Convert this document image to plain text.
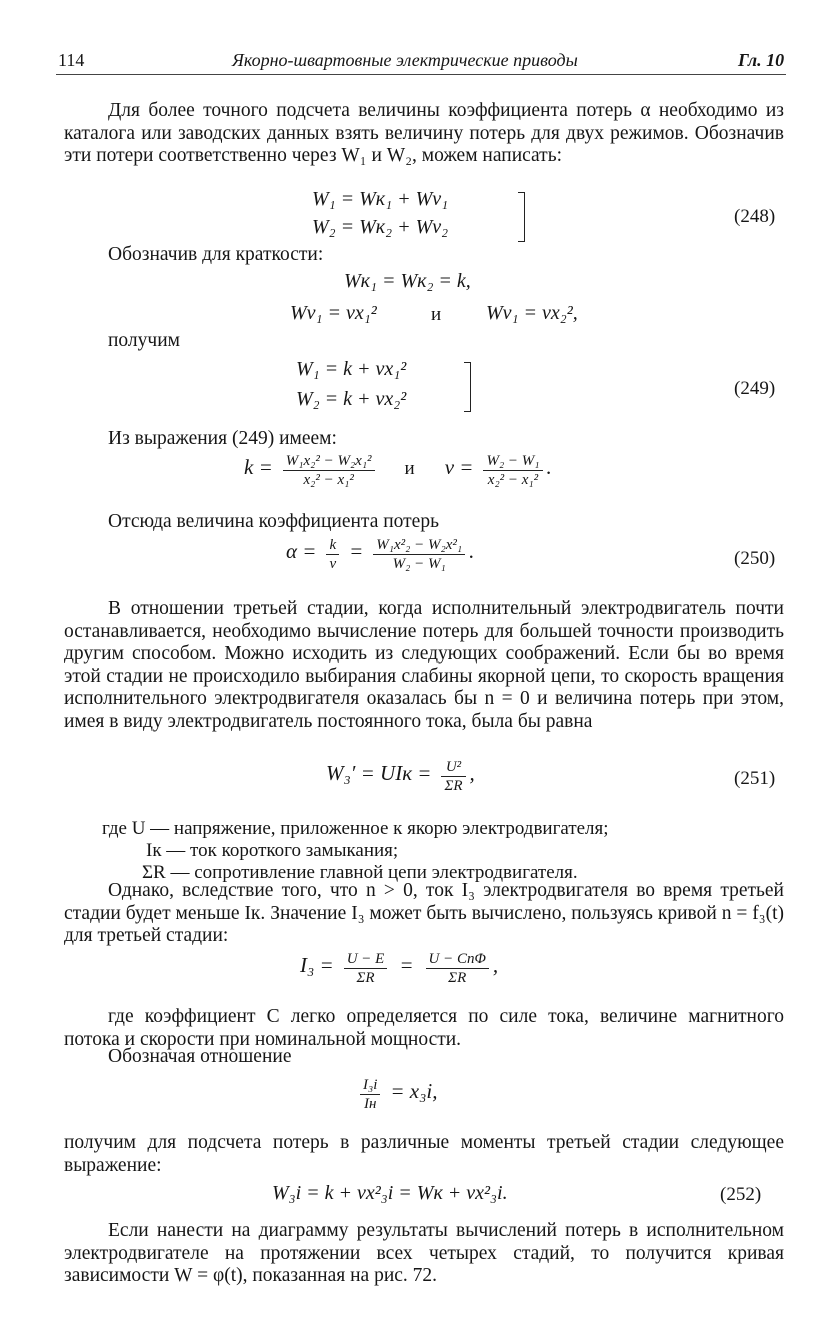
114	Якорно-швартовные электрические приводы	Гл. 10
Для более точного подсчета величины коэффициента потерь α необходимо из каталога или заводских данных взять величину потерь для двух режимов. Обозначив эти потери соответственно через W₁ и W₂, можем написать:
W₁ = Wк₁ + Wv₁
W₂ = Wк₂ + Wv₂	(248)
Обозначив для краткости:
Wк₁ = Wк₂ = k,
Wv₁ = vx₁²	и Wv₁ = vx₂²,
получим
W₁ = k + vx₁²
W₂ = k + vx₂²	(249)
Из выражения (249) имеем:
$k = \frac{\text{W₁x₂² − W₂x₁²}}{\text{x₂² − x₁²}}$ и $v = \frac{\text{W₂ − W₁}}{\text{x₂² − x₁²}}$ .
Отсюда величина коэффициента потерь
$\alpha = \frac{k}{v} = \frac{\text{W₁x²₂ − W₂x²₁}}{\text{W₂ − W₁}}$ .	(250)
В отношении третьей стадии, когда исполнительный электродвигатель почти останавливается, необходимо вычисление потерь для большей точности производить другим способом. Можно исходить из следующих соображений. Если бы во время этой стадии не происходило выбирания слабины якорной цепи, то скорость вращения исполнительного электродвигателя оказалась бы n = 0 и величина потерь при этом, имея в виду электродвигатель постоянного тока, была бы равна
W₃′ = UIк = $\frac{\text{U²}}{\Sigma R}$ ,	(251)
где U — напряжение, приложенное к якорю электродвигателя;
Iк — ток короткого замыкания;
ΣR — сопротивление главной цепи электродвигателя.
Однако, вследствие того, что n > 0, ток I₃ электродвигателя во время третьей стадии будет меньше Iк. Значение I₃ может быть вычислено, пользуясь кривой n = f₃(t) для третьей стадии:
$I_3 = \frac{U - E}{\Sigma R} = \frac{\text{U − CnΦ}}{\Sigma R}$ ,
где коэффициент C легко определяется по силе тока, величине магнитного потока и скорости при номинальной мощности.
Обозначая отношение
$\frac{\text{I₃i}}{Iн} = x_3i$,
получим для подсчета потерь в различные моменты третьей стадии следующее выражение:
W₃i = k + vx²₃i = Wк + vx²₃i.	(252)
Если нанести на диаграмму результаты вычислений потерь в исполнительном электродвигателе на протяжении всех четырех стадий, то получится кривая зависимости W = φ(t), показанная на рис. 72.
